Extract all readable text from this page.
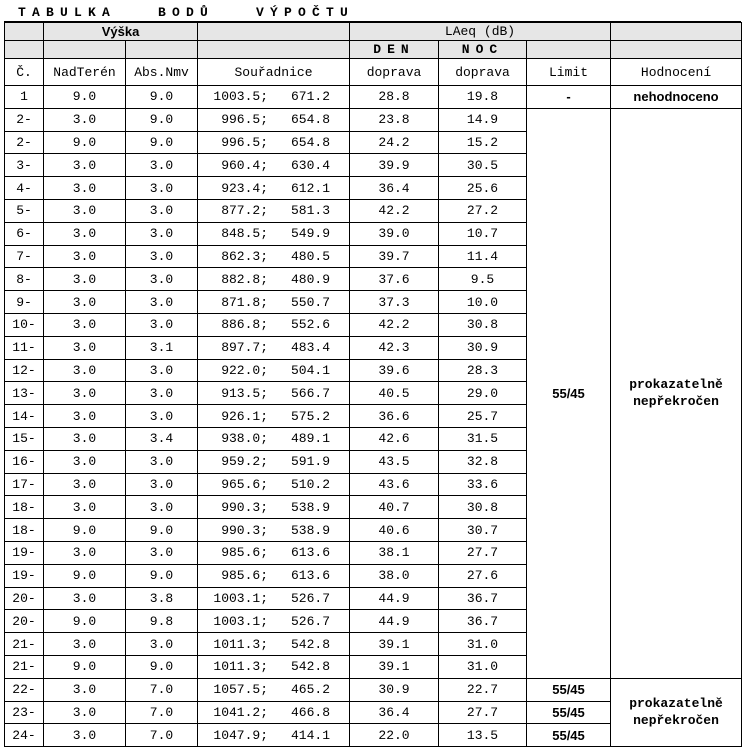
TABULKA   BODŮ   VÝPOČTU
	Výška			LAeq (dB)			
				DEN	NOC		
Č.	NadTerén	Abs.Nmv	Souřadnice	doprava	doprava	Limit	Hodnocení
1	9.0	9.0	1003.5; 671.2	28.8	19.8	-	nehodnoceno
2-	3.0	9.0	996.5; 654.8	23.8	14.9	55/45	prokazatelně
nepřekročen

2-	9.0	9.0	996.5; 654.8	24.2	15.2		
3-	3.0	3.0	960.4; 630.4	39.9	30.5		
4-	3.0	3.0	923.4; 612.1	36.4	25.6		
5-	3.0	3.0	877.2; 581.3	42.2	27.2		
6-	3.0	3.0	848.5; 549.9	39.0	10.7		
7-	3.0	3.0	862.3; 480.5	39.7	11.4		
8-	3.0	3.0	882.8; 480.9	37.6	9.5		
9-	3.0	3.0	871.8; 550.7	37.3	10.0		
10-	3.0	3.0	886.8; 552.6	42.2	30.8		
11-	3.0	3.1	897.7; 483.4	42.3	30.9		
12-	3.0	3.0	922.0; 504.1	39.6	28.3		
13-	3.0	3.0	913.5; 566.7	40.5	29.0		
14-	3.0	3.0	926.1; 575.2	36.6	25.7		
15-	3.0	3.4	938.0; 489.1	42.6	31.5		
16-	3.0	3.0	959.2; 591.9	43.5	32.8		
17-	3.0	3.0	965.6; 510.2	43.6	33.6		
18-	3.0	3.0	990.3; 538.9	40.7	30.8		
18-	9.0	9.0	990.3; 538.9	40.6	30.7		
19-	3.0	3.0	985.6; 613.6	38.1	27.7		
19-	9.0	9.0	985.6; 613.6	38.0	27.6		
20-	3.0	3.8	1003.1; 526.7	44.9	36.7		
20-	9.0	9.8	1003.1; 526.7	44.9	36.7		
21-	3.0	3.0	1011.3; 542.8	39.1	31.0		
21-	9.0	9.0	1011.3; 542.8	39.1	31.0		
22-	3.0	7.0	1057.5; 465.2	30.9	22.7	55/45	prokazatelně
nepřekročen

23-	3.0	7.0	1041.2; 466.8	36.4	27.7	55/45	
24-	3.0	7.0	1047.9; 414.1	22.0	13.5	55/45	
